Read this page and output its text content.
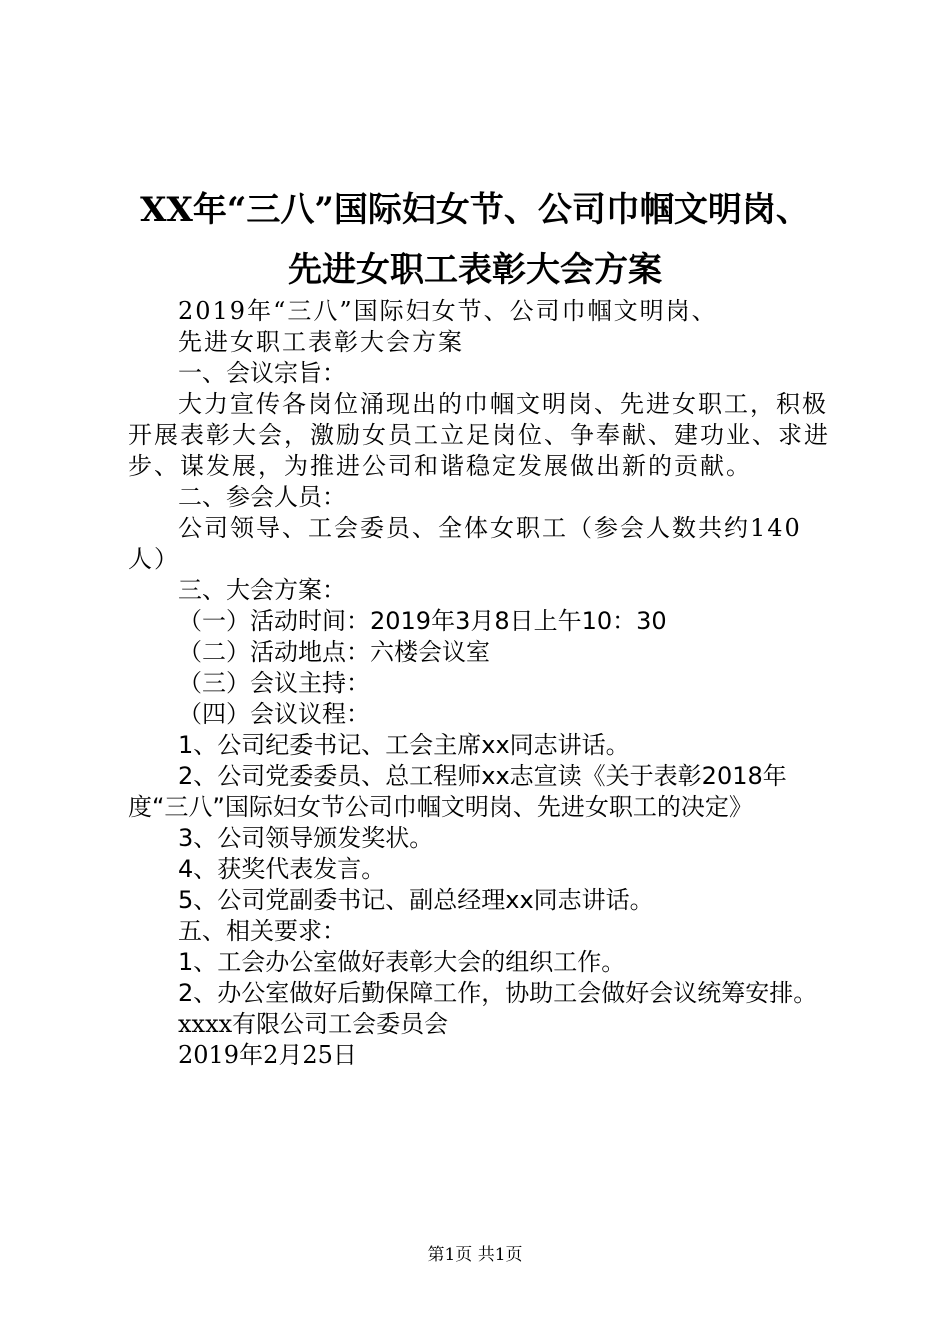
XX年“三八”国际妇女节、公司巾帼文明岗、
先进女职工表彰大会方案
2019年“三八”国际妇女节、公司巾帼文明岗、
先进女职工表彰大会方案
一、会议宗旨：
大力宣传各岗位涌现出的巾帼文明岗、先进女职工，积极开展表彰大会，激励女员工立足岗位、争奉献、建功业、求进步、谋发展，为推进公司和谐稳定发展做出新的贡献。
二、参会人员：
公司领导、工会委员、全体女职工（参会人数共约140人）
三、大会方案：
（一）活动时间：2019年3月8日上午10：30
（二）活动地点：六楼会议室
（三）会议主持：
（四）会议议程：
1、公司纪委书记、工会主席xx同志讲话。
2、公司党委委员、总工程师xx志宣读《关于表彰2018年度“三八”国际妇女节公司巾帼文明岗、先进女职工的决定》
3、公司领导颁发奖状。
4、获奖代表发言。
5、公司党副委书记、副总经理xx同志讲话。
五、相关要求：
1、工会办公室做好表彰大会的组织工作。
2、办公室做好后勤保障工作，协助工会做好会议统筹安排。
xxxx有限公司工会委员会
2019年2月25日
第1页 共1页
